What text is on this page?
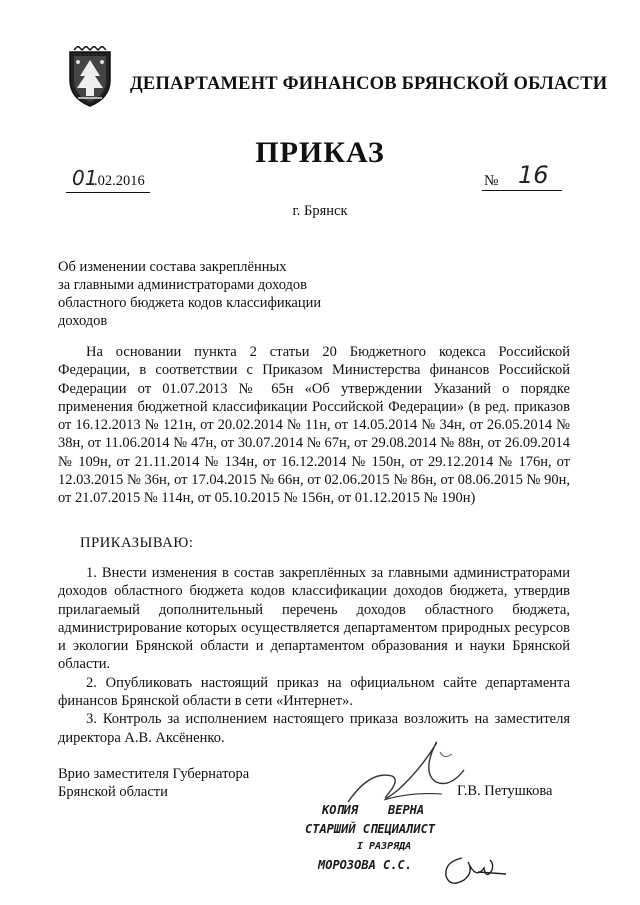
ДЕПАРТАМЕНТ ФИНАНСОВ БРЯНСКОЙ ОБЛАСТИ
ПРИКАЗ
01
.02.2016	№ 16
г. Брянск
Об изменении состава закреплённых
за главными администраторами доходов
областного бюджета кодов классификации
доходов

На основании пункта 2 статьи 20 Бюджетного кодекса Российской Федерации, в соответствии с Приказом Министерства финансов Российской Федерации от 01.07.2013 № 65н «Об утверждении Указаний о порядке применения бюджетной классификации Российской Федерации» (в ред. приказов от 16.12.2013 № 121н, от 20.02.2014 № 11н, от 14.05.2014 № 34н, от 26.05.2014 № 38н, от 11.06.2014 № 47н, от 30.07.2014 № 67н, от 29.08.2014 № 88н, от 26.09.2014 № 109н, от 21.11.2014 № 134н, от 16.12.2014 № 150н, от 29.12.2014 № 176н, от 12.03.2015 № 36н, от 17.04.2015 № 66н, от 02.06.2015 № 86н, от 08.06.2015 № 90н, от 21.07.2015 № 114н, от 05.10.2015 № 156н, от 01.12.2015 № 190н)

ПРИКАЗЫВАЮ:

1. Внести изменения в состав закреплённых за главными администраторами доходов областного бюджета кодов классификации доходов бюджета, утвердив прилагаемый дополнительный перечень доходов областного бюджета, администрирование которых осуществляется департаментом природных ресурсов и экологии Брянской области и департаментом образования и науки Брянской области.

2. Опубликовать настоящий приказ на официальном сайте департамента финансов Брянской области в сети «Интернет».

3. Контроль за исполнением настоящего приказа возложить на заместителя директора А.В. Аксёненко.

Врио заместителя Губернатора
Брянской области	Г.В. Петушкова
КОПИЯ ВЕРНА
СТАРШИЙ СПЕЦИАЛИСТ
I РАЗРЯДА
МОРОЗОВА С.С.
